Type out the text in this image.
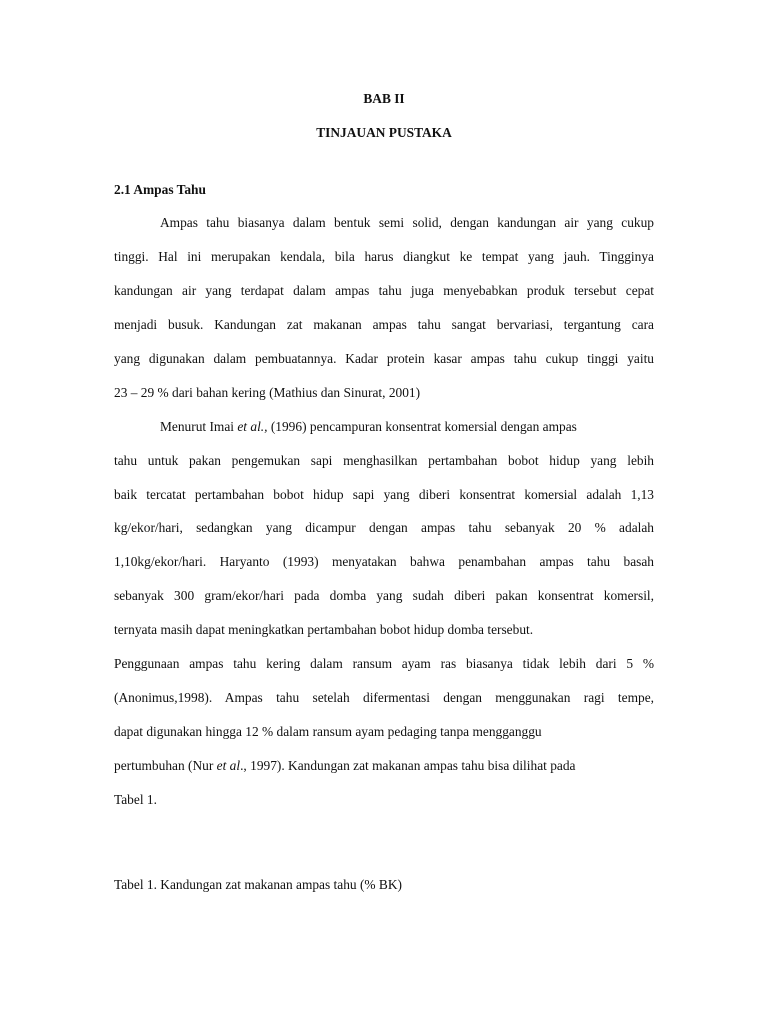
BAB II
TINJAUAN PUSTAKA
2.1 Ampas Tahu
Ampas tahu biasanya dalam bentuk semi solid, dengan kandungan air yang cukup
tinggi. Hal ini merupakan kendala, bila harus diangkut ke tempat yang jauh. Tingginya
kandungan air yang terdapat dalam ampas tahu juga menyebabkan produk tersebut cepat
menjadi busuk. Kandungan zat makanan ampas tahu sangat bervariasi, tergantung cara
yang digunakan dalam pembuatannya. Kadar protein kasar ampas tahu cukup tinggi yaitu
23 – 29 % dari bahan kering (Mathius dan Sinurat, 2001)
Menurut Imai et al., (1996) pencampuran konsentrat komersial dengan ampas
tahu untuk pakan pengemukan sapi menghasilkan pertambahan bobot hidup yang lebih
baik tercatat pertambahan bobot hidup sapi yang diberi konsentrat komersial adalah 1,13
kg/ekor/hari, sedangkan yang dicampur dengan ampas tahu sebanyak 20 % adalah
1,10kg/ekor/hari. Haryanto (1993) menyatakan bahwa penambahan ampas tahu basah
sebanyak 300 gram/ekor/hari pada domba yang sudah diberi pakan konsentrat komersil,
ternyata masih dapat meningkatkan pertambahan bobot hidup domba tersebut.
Penggunaan ampas tahu kering dalam ransum ayam ras biasanya tidak lebih dari 5 %
(Anonimus,1998). Ampas tahu setelah difermentasi dengan menggunakan ragi tempe,
dapat digunakan hingga 12 % dalam ransum ayam pedaging tanpa mengganggu
pertumbuhan (Nur et al., 1997). Kandungan zat makanan ampas tahu bisa dilihat pada
Tabel 1.
Tabel 1. Kandungan zat makanan ampas tahu (% BK)
